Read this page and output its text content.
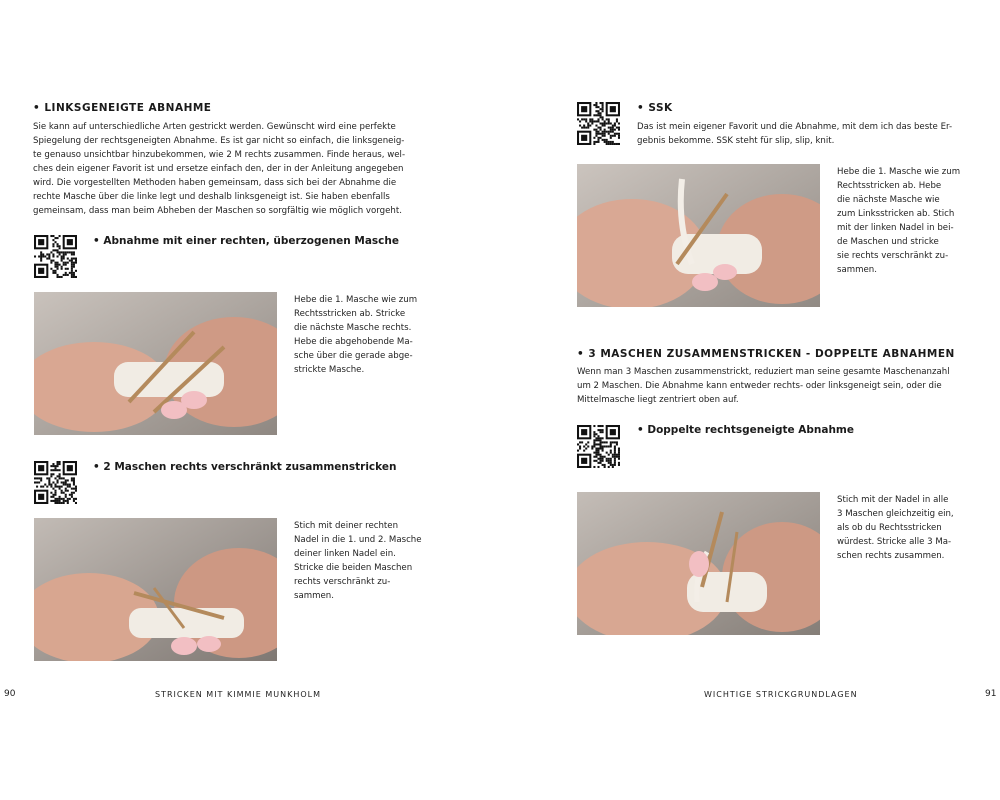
• LINKSGENEIGTE ABNAHME
Sie kann auf unterschiedliche Arten gestrickt werden. Gewünscht wird eine perfekte
Spiegelung der rechtsgeneigten Abnahme. Es ist gar nicht so einfach, die linksgeneig-
te genauso unsichtbar hinzubekommen, wie 2 M rechts zusammen. Finde heraus, wel-
ches dein eigener Favorit ist und ersetze einfach den, der in der Anleitung angegeben
wird. Die vorgestellten Methoden haben gemeinsam, dass sich bei der Abnahme die
rechte Masche über die linke legt und deshalb linksgeneigt ist. Sie haben ebenfalls
gemeinsam, dass man beim Abheben der Maschen so sorgfältig wie möglich vorgeht.
• Abnahme mit einer rechten, überzogenen Masche
Hebe die 1. Masche wie zum
Rechtsstricken ab. Stricke
die nächste Masche rechts.
Hebe die abgehobende Ma-
sche über die gerade abge-
strickte Masche.
• 2 Maschen rechts verschränkt zusammenstricken
Stich mit deiner rechten
Nadel in die 1. und 2. Masche
deiner linken Nadel ein.
Stricke die beiden Maschen
rechts verschränkt zu-
sammen.
90	STRICKEN MIT KIMMIE MUNKHOLM
• SSK
Das ist mein eigener Favorit und die Abnahme, mit dem ich das beste Er-
gebnis bekomme. SSK steht für slip, slip, knit.
Hebe die 1. Masche wie zum
Rechtsstricken ab. Hebe
die nächste Masche wie
zum Linksstricken ab. Stich
mit der linken Nadel in bei-
de Maschen und stricke
sie rechts verschränkt zu-
sammen.
• 3 MASCHEN ZUSAMMENSTRICKEN - DOPPELTE ABNAHMEN
Wenn man 3 Maschen zusammenstrickt, reduziert man seine gesamte Maschenanzahl
um 2 Maschen. Die Abnahme kann entweder rechts- oder linksgeneigt sein, oder die
Mittelmasche liegt zentriert oben auf.
• Doppelte rechtsgeneigte Abnahme
Stich mit der Nadel in alle
3 Maschen gleichzeitig ein,
als ob du Rechtsstricken
würdest. Stricke alle 3 Ma-
schen rechts zusammen.
WICHTIGE STRICKGRUNDLAGEN	91
